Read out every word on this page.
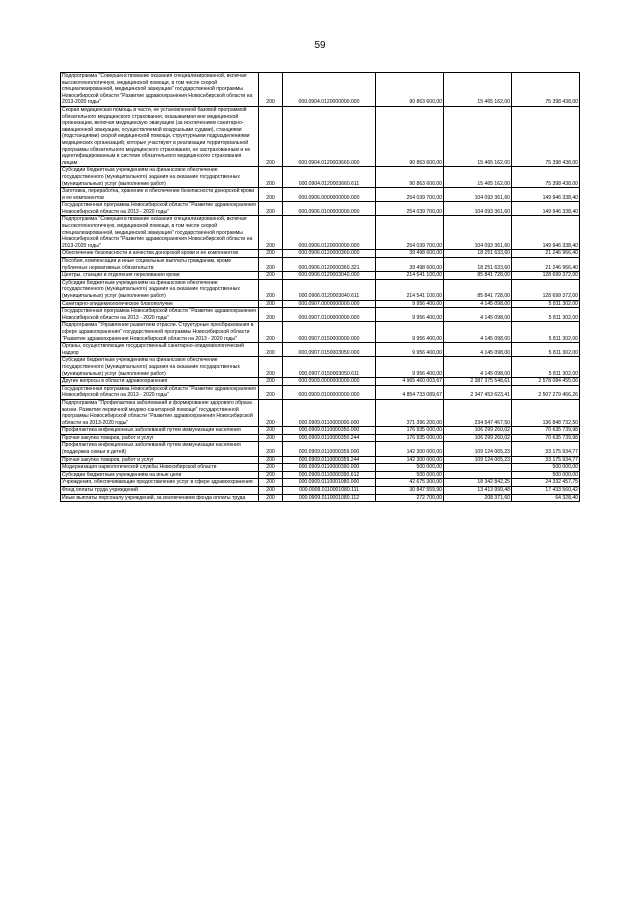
59
Подпрограмма "Совершенствование оказания специализированной, включая высокотехнологичную, медицинской помощи, в том числе скорой специализированной, медицинской эвакуации" государственной программы Новосибирской области "Развитие здравоохранения Новосибирской области на 2013-2020 годы"	200	000.0904.0120000000.000	90 863 600,00	15 465 162,00	75 398 438,00
Скорая медицинская помощь в части, не установленной базовой программой обязательного медицинского страхования, оказываемая вне медицинской организации, включая медицинскую эвакуацию (за исключением санитарно-авиационной эвакуации, осуществляемой воздушными судами), станциями (подстанциями) скорой медицинской помощи, структурными подразделениями медицинских организаций, которые участвуют в реализации территориальной программы обязательного медицинского страхования, не застрахованным и не идентифицированным в системе обязательного медицинского страхования лицам	200	000.0904.0120003660.000	90 863 600,00	15 465 162,00	75 398 438,00
Субсидии бюджетным учреждениям на финансовое обеспечение государственного (муниципального) задания на оказание государственных (муниципальных) услуг (выполнение работ)	200	000.0904.0120003660.611	90 863 600,00	15 465 162,00	75 398 438,00
Заготовка, переработка, хранение и обеспечение безопасности донорской крови и ее компонентов	200	000.0906.0000000000.000	254 039 700,00	104 093 361,60	149 946 338,40
Государственная программа Новосибирской области "Развитие здравоохранения Новосибирской области на 2013 - 2020 годы"	200	000.0906.0100000000.000	254 039 700,00	104 093 361,60	149 946 338,40
Подпрограмма "Совершенствование оказания специализированной, включая высокотехнологичную, медицинской помощи, в том числе скорой специализированной, медицинской эвакуации" государственной программы Новосибирской области "Развитие здравоохранения Новосибирской области на 2013-2020 годы"	200	000.0906.0120000000.000	254 039 700,00	104 093 361,60	149 946 338,40
Обеспечение безопасности и качества донорской крови и ее компонентов	200	000.0906.0120000360.000	39 498 600,00	18 251 633,60	21 246 966,40
Пособия, компенсации и иные социальные выплаты гражданам, кроме публичных нормативных обязательств	200	000.0906.0120000360.321	39 498 600,00	18 251 633,60	21 246 966,40
Центры, станции и отделения переливания крови	200	000.0906.0120003040.000	214 541 100,00	85 841 728,00	128 699 372,00
Субсидии бюджетным учреждениям на финансовое обеспечение государственного (муниципального) задания на оказание государственных (муниципальных) услуг (выполнение работ)	200	000.0906.0120003040.611	214 541 100,00	85 841 728,00	128 699 372,00
Санитарно-эпидемиологическое благополучие	200	000.0907.0000000000.000	9 956 400,00	4 145 098,00	5 811 302,00
Государственная программа Новосибирской области "Развитие здравоохранения Новосибирской области на 2013 - 2020 годы"	200	000.0907.0100000000.000	9 956 400,00	4 145 098,00	5 811 302,00
Подпрограмма "Управление развитием отрасли. Структурные преобразования в сфере здравоохранения" государственной программы Новосибирской области "Развитие здравоохранения Новосибирской области на 2013 - 2020 годы"	200	000.0907.0150000000.000	9 956 400,00	4 145 098,00	5 811 302,00
Органы, осуществляющие государственный санитарно-эпидемиологический надзор	200	000.0907.0150003050.000	9 956 400,00	4 145 098,00	5 811 302,00
Субсидии бюджетным учреждениям на финансовое обеспечение государственного (муниципального) задания на оказание государственных (муниципальных) услуг (выполнение работ)	200	000.0907.0150003050.611	9 956 400,00	4 145 098,00	5 811 302,00
Другие вопросы в области здравоохранения	200	000.0909.0000000000.000	4 965 460 003,67	2 387 375 548,61	2 578 084 455,06
Государственная программа Новосибирской области "Развитие здравоохранения Новосибирской области на 2013 - 2020 годы"	200	000.0909.0100000000.000	4 854 733 089,67	2 347 453 623,41	2 507 279 466,26
Подпрограмма "Профилактика заболеваний и формирование здорового образа жизни. Развитие первичной медико-санитарной помощи" государственной программы Новосибирской области "Развитие здравоохранения Новосибирской области на 2013-2020 годы"	200	000.0909.0110000000.000	371 396 200,00	234 547 467,50	136 848 732,50
Профилактика инфекционных заболеваний путем иммунизации населения	200	000.0909.0110000350.000	176 935 000,00	106 299 260,02	70 635 739,98
Прочая закупка товаров, работ и услуг	200	000.0909.0110000350.244	176 935 000,00	106 299 260,02	70 635 739,98
Профилактика инфекционных заболеваний путем иммунизации населения (поддержка семьи и детей)	200	000.0909.0110000359.000	142 300 000,00	109 124 065,23	33 175 934,77
Прочая закупка товаров, работ и услуг	200	000.0909.0110000359.244	142 300 000,00	109 124 065,23	33 175 934,77
Модернизация наркологической службы Новосибирской области	200	000.0909.0110000390.000	500 000,00		500 000,00
Субсидии бюджетным учреждениям на иные цели	200	000.0909.0110000390.612	500 000,00		500 000,00
Учреждения, обеспечивающие предоставление услуг в сфере здравоохранения	200	000.0909.0110001080.000	42 675 300,00	18 342 842,25	24 332 457,75
Фонд оплаты труда учреждений	200	000.0909.0110001080.111	30 847 559,90	13 413 999,48	17 433 560,42
Иные выплаты персоналу учреждений, за исключением фонда оплаты труда	200	000.0909.0110001080.112	272 700,00	208 371,60	64 328,40
